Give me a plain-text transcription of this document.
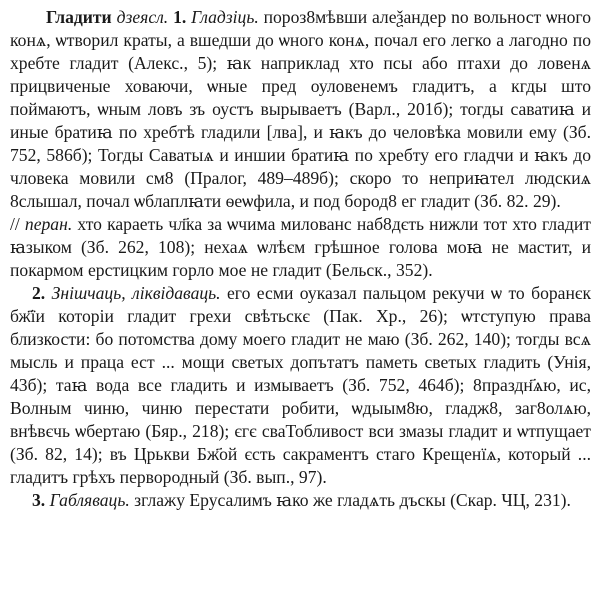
Гладити дзеясл. 1. Гладзіць. пороз8мѣвши алеѯандер no вольност ѡного конѧ, ѡтворил краты, а вшедши до ѡного конѧ, почал его легко а лагодно по хребте гладит (Алекс., 5); ꙗк наприклад хто псы або птахи до ловенѧ прицвиченые ховаючи, ѡные пред оуловенемъ гладитъ, а кгды што поймаютъ, ѡным ловъ зъ оустъ вырываетъ (Варл., 201б); тогды саватиꙗ и иные братиꙗ по хребтѣ гладили [лва], и ꙗкъ до человѣка мовили ему (Зб. 752, 586б); Тогды Саватыѧ и иншии братиꙗ по хребту его гладчи и ꙗкъ до чловека мовили см8 (Пралог, 489–489б); скоро то неприꙗтел людскиѧ 8слышал, почал ѡблаплꙗти ѳеѡфила, и под бород8 ег гладит (Зб. 82. 29).

// перан. хто караеть чл҃ка за ѡчима милованс наб8дєть нижли тот хто гладит ꙗзыком (Зб. 262, 108); нехаѧ ѡлѣєм грѣшное голова моꙗ не мастит, и покармом ерстицким горло мое не гладит (Бельск., 352).

2. Знішчаць, ліквідаваць. его есми оуказал пальцом рекучи ѡ то боранєк бж҃їи которіи гладит грехи свѣтьскє (Пак. Хр., 26); ѡтступую права близкости: бо потомства дому моего гладит не маю (Зб. 262, 140); тогды всѧ мысль и праца ест ... мощи светых допътатъ паметь светых гладить (Унія, 43б); таꙗ вода все гладить и измываетъ (Зб. 752, 464б); 8праздн҃ѧю, ис, Волным чиню, чиню перестати робити, ѡдыым8ю, гладж8, заг8олѧю, внѣвєчь ѡбертаю (Бяр., 218); єгє сваТобливост вси змазы гладит и ѡтпущает (Зб. 82, 14); въ Црькви Бж҃ой єсть сакраментъ стаго Крещенїѧ, который ... гладитъ грѣхъ первородный (Зб. вып., 97).

3. Габляваць. зглажу Ерусалимъ ꙗко же гладѧть дъскы (Скар. ЧЦ, 231).
